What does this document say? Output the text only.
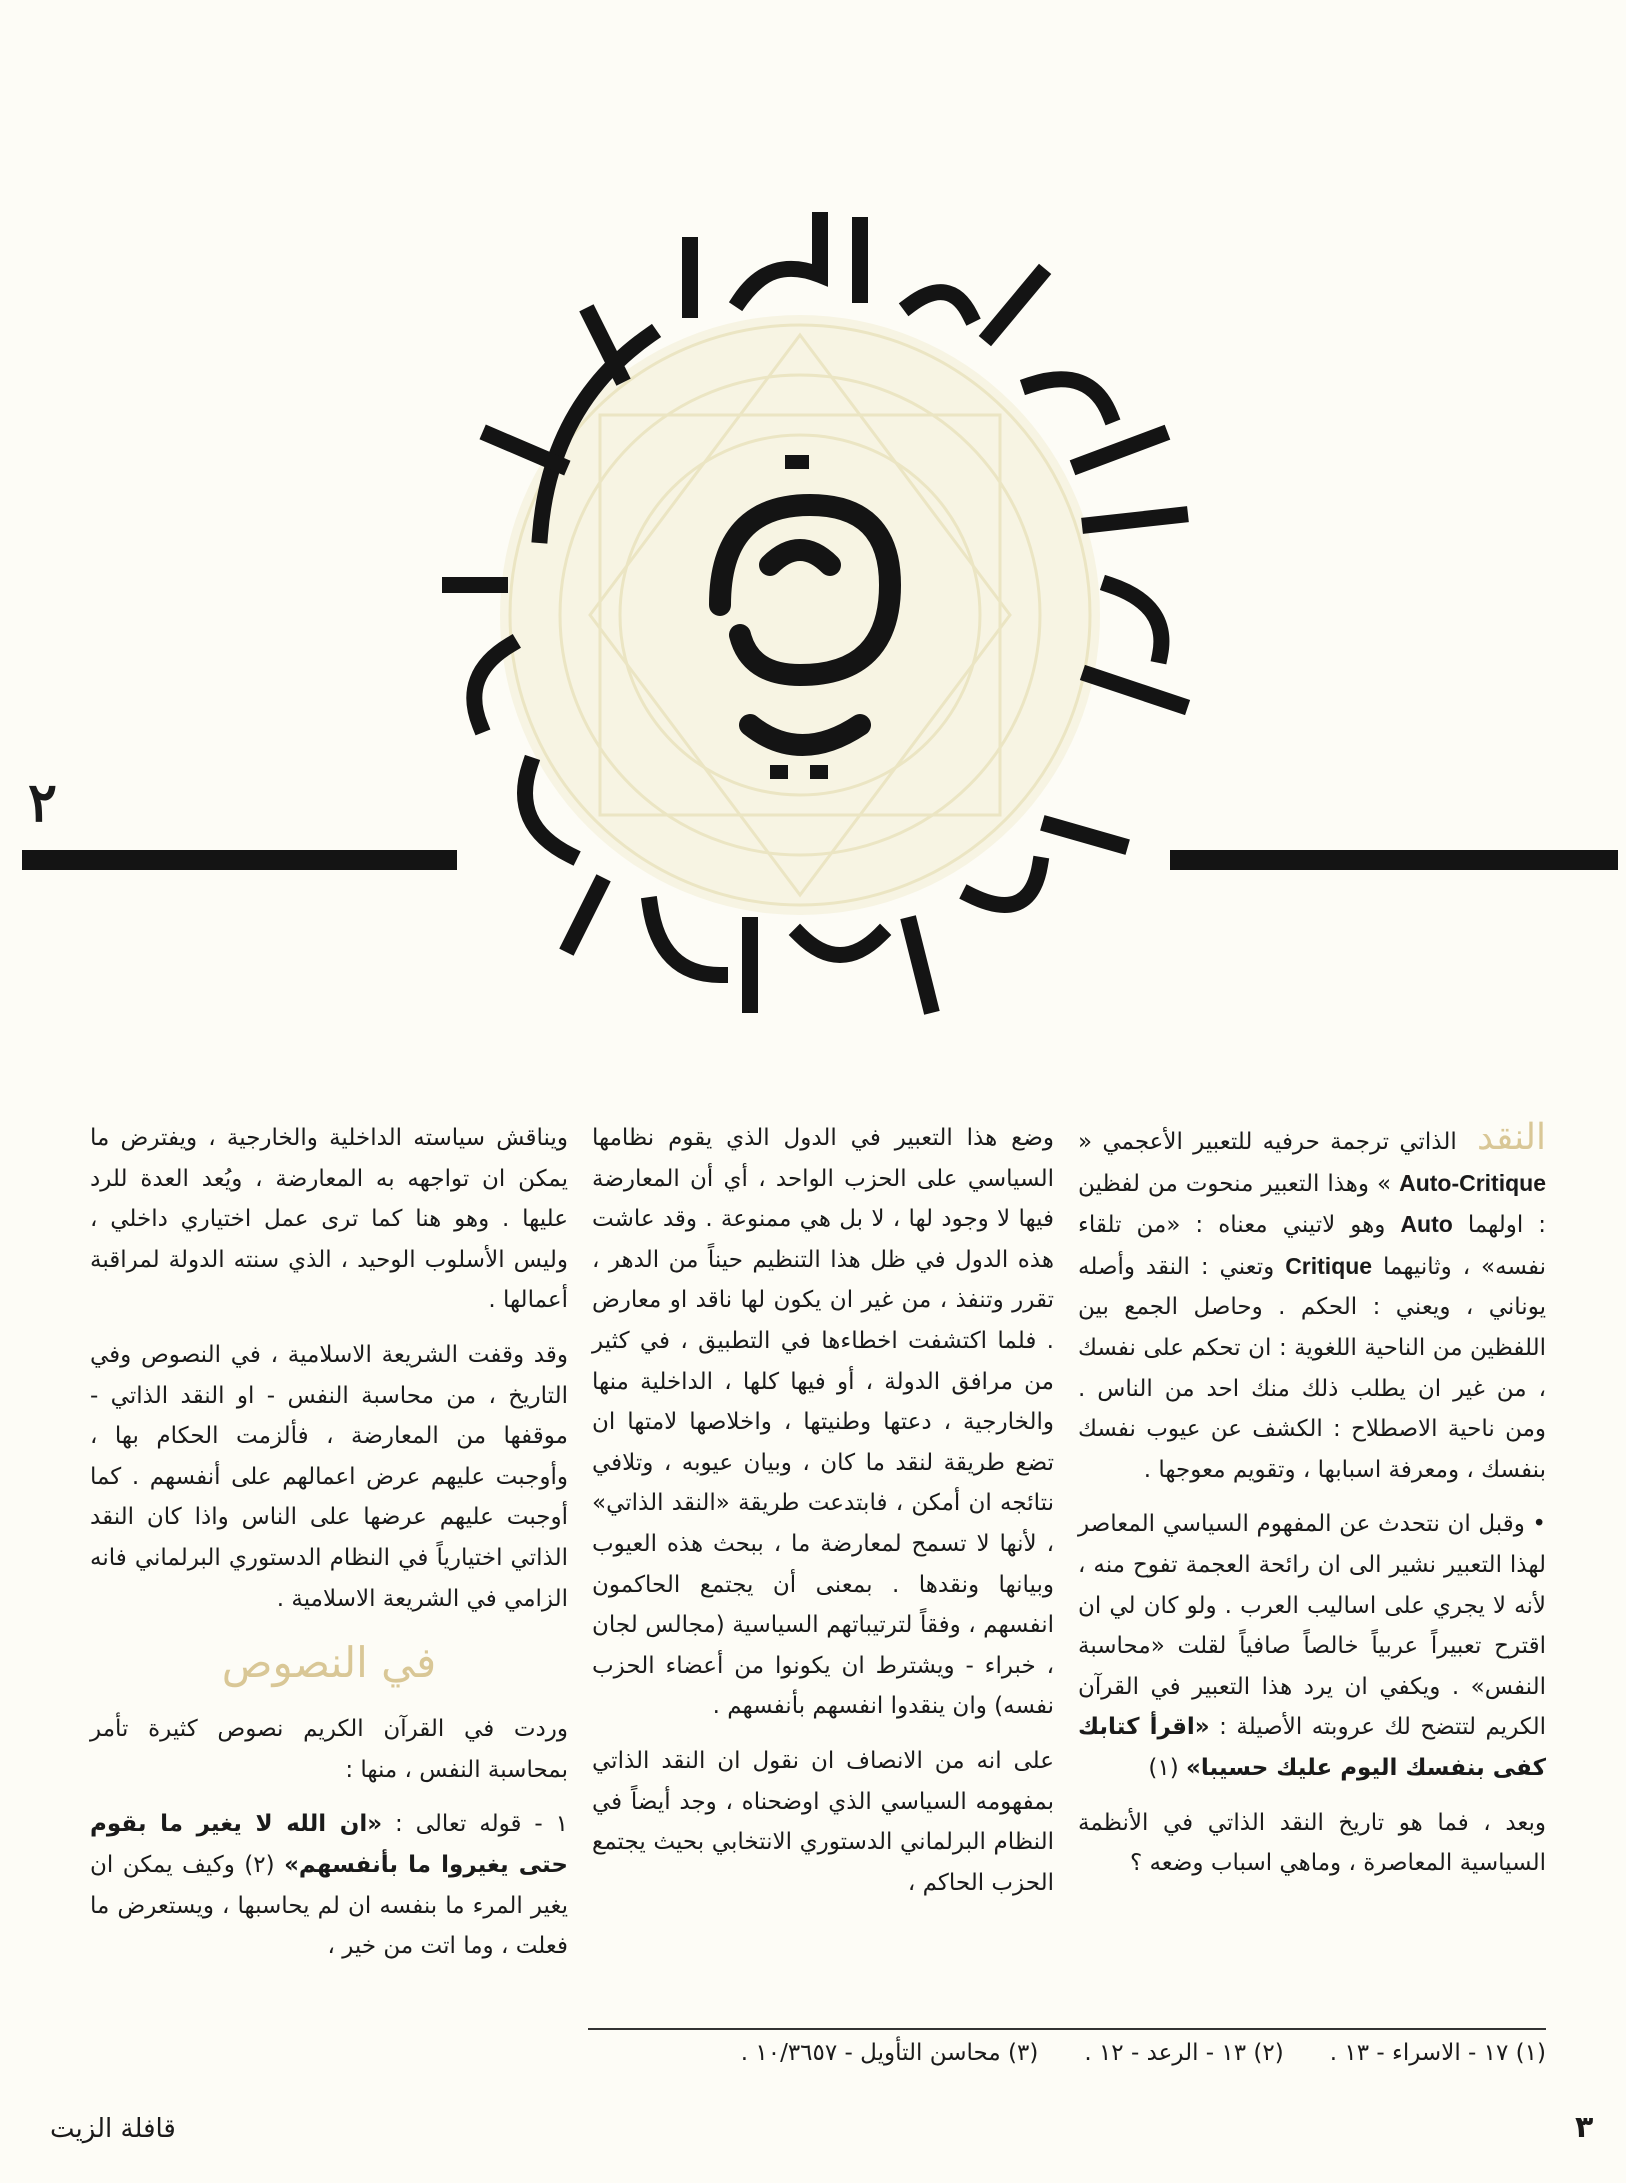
٢

النقد الذاتي ترجمة حرفيه للتعبير الأعجمي « Auto-Critique » وهذا التعبير منحوت من لفظين : اولهما Auto وهو لاتيني معناه : «من تلقاء نفسه» ، وثانيهما Critique وتعني : النقد وأصله يوناني ، ويعني : الحكم . وحاصل الجمع بين اللفظين من الناحية اللغوية : ان تحكم على نفسك ، من غير ان يطلب ذلك منك احد من الناس . ومن ناحية الاصطلاح : الكشف عن عيوب نفسك بنفسك ، ومعرفة اسبابها ، وتقويم معوجها .

• وقبل ان نتحدث عن المفهوم السياسي المعاصر لهذا التعبير نشير الى ان رائحة العجمة تفوح منه ، لأنه لا يجري على اساليب العرب . ولو كان لي ان اقترح تعبيراً عربياً خالصاً صافياً لقلت «محاسبة النفس» . ويكفي ان يرد هذا التعبير في القرآن الكريم لتتضح لك عروبته الأصيلة : «اقرأ كتابك كفى بنفسك اليوم عليك حسيبا» (١)

وبعد ، فما هو تاريخ النقد الذاتي في الأنظمة السياسية المعاصرة ، وماهي اسباب وضعه ؟

وضع هذا التعبير في الدول الذي يقوم نظامها السياسي على الحزب الواحد ، أي أن المعارضة فيها لا وجود لها ، لا بل هي ممنوعة . وقد عاشت هذه الدول في ظل هذا التنظيم حيناً من الدهر ، تقرر وتنفذ ، من غير ان يكون لها ناقد او معارض . فلما اكتشفت اخطاءها في التطبيق ، في كثير من مرافق الدولة ، أو فيها كلها ، الداخلية منها والخارجية ، دعتها وطنيتها ، واخلاصها لامتها ان تضع طريقة لنقد ما كان ، وبيان عيوبه ، وتلافي نتائجه ان أمكن ، فابتدعت طريقة «النقد الذاتي» ، لأنها لا تسمح لمعارضة ما ، ببحث هذه العيوب وبيانها ونقدها . بمعنى أن يجتمع الحاكمون انفسهم ، وفقاً لترتيباتهم السياسية (مجالس لجان ، خبراء - ويشترط ان يكونوا من أعضاء الحزب نفسه) وان ينقدوا انفسهم بأنفسهم .

على انه من الانصاف ان نقول ان النقد الذاتي بمفهومه السياسي الذي اوضحناه ، وجد أيضاً في النظام البرلماني الدستوري الانتخابي بحيث يجتمع الحزب الحاكم ،

ويناقش سياسته الداخلية والخارجية ، ويفترض ما يمكن ان تواجهه به المعارضة ، ويُعد العدة للرد عليها . وهو هنا كما ترى عمل اختياري داخلي ، وليس الأسلوب الوحيد ، الذي سنته الدولة لمراقبة أعمالها .

وقد وقفت الشريعة الاسلامية ، في النصوص وفي التاريخ ، من محاسبة النفس - او النقد الذاتي - موقفها من المعارضة ، فألزمت الحكام بها ، وأوجبت عليهم عرض اعمالهم على أنفسهم . كما أوجبت عليهم عرضها على الناس واذا كان النقد الذاتي اختيارياً في النظام الدستوري البرلماني فانه الزامي في الشريعة الاسلامية .

في النصوص

وردت في القرآن الكريم نصوص كثيرة تأمر بمحاسبة النفس ، منها :

١ - قوله تعالى : «ان الله لا يغير ما بقوم حتى يغيروا ما بأنفسهم» (٢) وكيف يمكن ان يغير المرء ما بنفسه ان لم يحاسبها ، ويستعرض ما فعلت ، وما اتت من خير ،

(١) ١٧ - الاسراء - ١٣ .
(٢) ١٣ - الرعد - ١٢ .
(٣) محاسن التأويل - ١٠/٣٦٥٧ .
٣
قافلة الزيت
